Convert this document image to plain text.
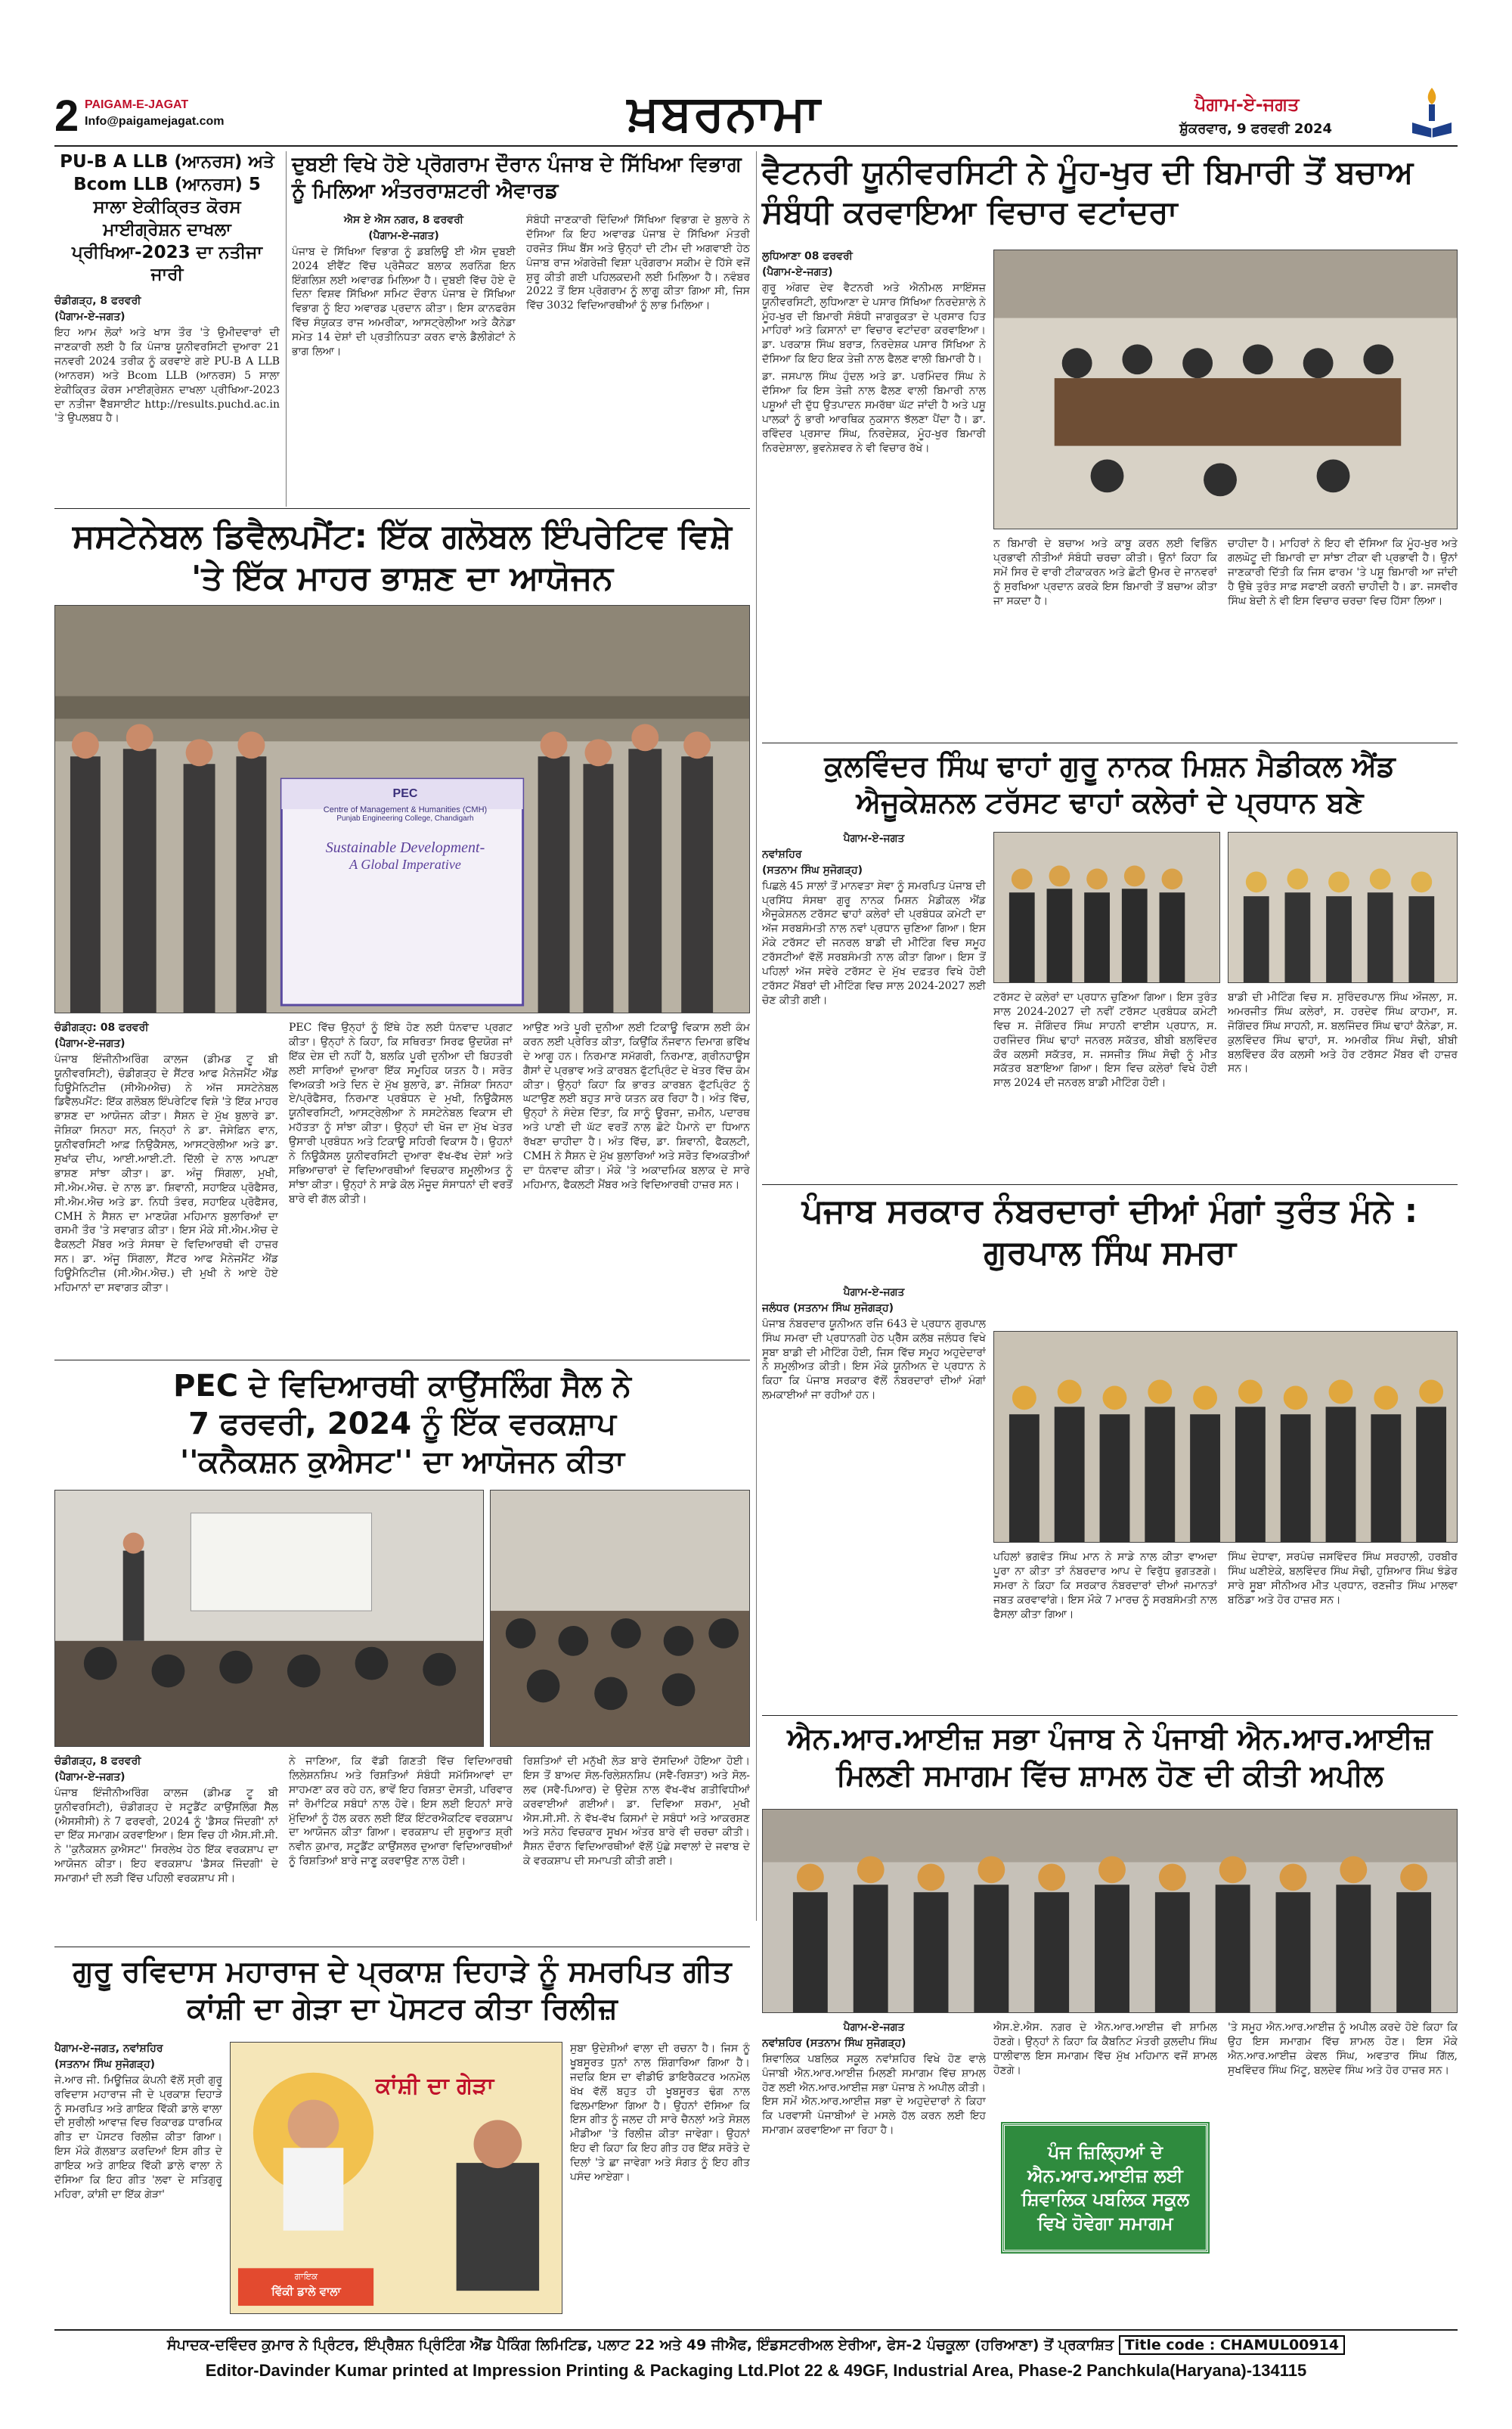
2 PAIGAM-E-JAGAT
Info@paigamejagat.com	ਖ਼ਬਰਨਾਮਾ	ਪੈਗਾਮ-ਏ-ਜਗਤ
ਸ਼ੁੱਕਰਵਾਰ, 9 ਫਰਵਰੀ 2024
PU-B A LLB (ਆਨਰਸ) ਅਤੇ Bcom LLB (ਆਨਰਸ) 5 ਸਾਲਾ ਏਕੀਕ੍ਰਿਤ ਕੋਰਸ ਮਾਈਗ੍ਰੇਸ਼ਨ ਦਾਖਲਾ ਪ੍ਰੀਖਿਆ-2023 ਦਾ ਨਤੀਜਾ ਜਾਰੀ
ਚੰਡੀਗੜ੍ਹ, 8 ਫਰਵਰੀ
(ਪੈਗਾਮ-ਏ-ਜਗਤ)

ਇਹ ਆਮ ਲੋਕਾਂ ਅਤੇ ਖਾਸ ਤੌਰ 'ਤੇ ਉਮੀਦਵਾਰਾਂ ਦੀ ਜਾਣਕਾਰੀ ਲਈ ਹੈ ਕਿ ਪੰਜਾਬ ਯੂਨੀਵਰਸਿਟੀ ਦੁਆਰਾ 21 ਜਨਵਰੀ 2024 ਤਰੀਕ ਨੂੰ ਕਰਵਾਏ ਗਏ PU-B A LLB (ਆਨਰਸ) ਅਤੇ Bcom LLB (ਆਨਰਸ) 5 ਸਾਲਾ ਏਕੀਕ੍ਰਿਤ ਕੋਰਸ ਮਾਈਗ੍ਰੇਸ਼ਨ ਦਾਖਲਾ ਪ੍ਰੀਖਿਆ-2023 ਦਾ ਨਤੀਜਾ ਵੈੱਬਸਾਈਟ http://results.puchd.ac.in 'ਤੇ ਉਪਲਬਧ ਹੈ।

ਦੁਬਈ ਵਿਖੇ ਹੋਏ ਪ੍ਰੋਗਰਾਮ ਦੌਰਾਨ ਪੰਜਾਬ ਦੇ ਸਿੱਖਿਆ ਵਿਭਾਗ ਨੂੰ ਮਿਲਿਆ ਅੰਤਰਰਾਸ਼ਟਰੀ ਐਵਾਰਡ
ਐਸ ਏ ਐਸ ਨਗਰ, 8 ਫਰਵਰੀ
(ਪੈਗਾਮ-ਏ-ਜਗਤ)

ਪੰਜਾਬ ਦੇ ਸਿੱਖਿਆ ਵਿਭਾਗ ਨੂੰ ਡਬਲਿਊ ਈ ਐਸ ਦੁਬਈ 2024 ਈਵੈਂਟ ਵਿੱਚ ਪ੍ਰੋਜੈਕਟ ਬਲਾਕ ਲਰਨਿੰਗ ਇਨ ਇੰਗਲਿਸ਼ ਲਈ ਅਵਾਰਡ ਮਿਲਿਆ ਹੈ। ਦੁਬਈ ਵਿੱਚ ਹੋਏ ਦੋ ਦਿਨਾ ਵਿਸ਼ਵ ਸਿੱਖਿਆ ਸਮਿਟ ਦੌਰਾਨ ਪੰਜਾਬ ਦੇ ਸਿੱਖਿਆ ਵਿਭਾਗ ਨੂੰ ਇਹ ਅਵਾਰਡ ਪ੍ਰਦਾਨ ਕੀਤਾ। ਇਸ ਕਾਨਫਰੰਸ ਵਿੱਚ ਸੰਯੁਕਤ ਰਾਜ ਅਮਰੀਕਾ, ਆਸਟ੍ਰੇਲੀਆ ਅਤੇ ਕੈਨੇਡਾ ਸਮੇਤ 14 ਦੇਸ਼ਾਂ ਦੀ ਪ੍ਰਤੀਨਿਧਤਾ ਕਰਨ ਵਾਲੇ ਡੈਲੀਗੇਟਾਂ ਨੇ ਭਾਗ ਲਿਆ।

ਸੰਬੰਧੀ ਜਾਣਕਾਰੀ ਦਿੰਦਿਆਂ ਸਿੱਖਿਆ ਵਿਭਾਗ ਦੇ ਬੁਲਾਰੇ ਨੇ ਦੱਸਿਆ ਕਿ ਇਹ ਅਵਾਰਡ ਪੰਜਾਬ ਦੇ ਸਿੱਖਿਆ ਮੰਤਰੀ ਹਰਜੋਤ ਸਿੰਘ ਬੈਂਸ ਅਤੇ ਉਨ੍ਹਾਂ ਦੀ ਟੀਮ ਦੀ ਅਗਵਾਈ ਹੇਠ ਪੰਜਾਬ ਰਾਜ ਅੰਗਰੇਜ਼ੀ ਵਿਸ਼ਾ ਪ੍ਰੋਗਰਾਮ ਸਕੀਮ ਦੇ ਹਿੱਸੇ ਵਜੋਂ ਸ਼ੁਰੂ ਕੀਤੀ ਗਈ ਪਹਿਲਕਦਮੀ ਲਈ ਮਿਲਿਆ ਹੈ। ਨਵੰਬਰ 2022 ਤੋਂ ਇਸ ਪ੍ਰੋਗਰਾਮ ਨੂੰ ਲਾਗੂ ਕੀਤਾ ਗਿਆ ਸੀ, ਜਿਸ ਵਿੱਚ 3032 ਵਿਦਿਆਰਥੀਆਂ ਨੂੰ ਲਾਭ ਮਿਲਿਆ।

ਸਸਟੇਨੇਬਲ ਡਿਵੈਲਪਮੈਂਟ: ਇੱਕ ਗਲੋਬਲ ਇੰਪਰੇਟਿਵ ਵਿਸ਼ੇ 'ਤੇ ਇੱਕ ਮਾਹਰ ਭਾਸ਼ਣ ਦਾ ਆਯੋਜਨ
PEC
Centre of Management & Humanities (CMH)
Punjab Engineering College, Chandigarh
Sustainable Development-
A Global Imperative
ਚੰਡੀਗੜ੍ਹ: 08 ਫਰਵਰੀ
(ਪੈਗਾਮ-ਏ-ਜਗਤ)

ਪੰਜਾਬ ਇੰਜੀਨੀਅਰਿੰਗ ਕਾਲਜ (ਡੀਮਡ ਟੂ ਬੀ ਯੂਨੀਵਰਸਿਟੀ), ਚੰਡੀਗੜ੍ਹ ਦੇ ਸੈਂਟਰ ਆਫ ਮੈਨੇਜਮੈਂਟ ਐਂਡ ਹਿਊਮੈਨਿਟੀਜ਼ (ਸੀਐਮਐਚ) ਨੇ ਅੱਜ ਸਸਟੇਨੇਬਲ ਡਿਵੈਲਪਮੈਂਟ: ਇੱਕ ਗਲੋਬਲ ਇੰਪਰੇਟਿਵ ਵਿਸ਼ੇ 'ਤੇ ਇੱਕ ਮਾਹਰ ਭਾਸ਼ਣ ਦਾ ਆਯੋਜਨ ਕੀਤਾ। ਸੈਸ਼ਨ ਦੇ ਮੁੱਖ ਬੁਲਾਰੇ ਡਾ. ਜੋਸ਼ਿਕਾ ਸਿਨਹਾ ਸਨ, ਜਿਨ੍ਹਾਂ ਨੇ ਡਾ. ਜੋਸੇਫ਼ਿਨ ਵਾਨ, ਯੂਨੀਵਰਸਿਟੀ ਆਫ਼ ਨਿਉਕੈਸਲ, ਆਸਟ੍ਰੇਲੀਆ ਅਤੇ ਡਾ. ਸੁਖਾਂਕ ਦੀਪ, ਆਈ.ਆਈ.ਟੀ. ਦਿੱਲੀ ਦੇ ਨਾਲ ਆਪਣਾ ਭਾਸ਼ਣ ਸਾਂਝਾ ਕੀਤਾ। ਡਾ. ਅੰਜੂ ਸਿੰਗਲਾ, ਮੁਖੀ, ਸੀ.ਐਮ.ਐਚ. ਦੇ ਨਾਲ ਡਾ. ਸ਼ਿਵਾਨੀ, ਸਹਾਇਕ ਪ੍ਰੋਫੈਸਰ, ਸੀ.ਐਮ.ਐਚ ਅਤੇ ਡਾ. ਨਿਧੀ ਤੰਵਰ, ਸਹਾਇਕ ਪ੍ਰੋਫੈਸਰ, CMH ਨੇ ਸੈਸ਼ਨ ਦਾ ਮਾਣਯੋਗ ਮਹਿਮਾਨ ਬੁਲਾਰਿਆਂ ਦਾ ਰਸਮੀ ਤੌਰ 'ਤੇ ਸਵਾਗਤ ਕੀਤਾ। ਇਸ ਮੌਕੇ ਸੀ.ਐਮ.ਐਚ ਦੇ ਫੈਕਲਟੀ ਮੈਂਬਰ ਅਤੇ ਸੰਸਥਾ ਦੇ ਵਿਦਿਆਰਥੀ ਵੀ ਹਾਜ਼ਰ ਸਨ। ਡਾ. ਅੰਜੂ ਸਿੰਗਲਾ, ਸੈਂਟਰ ਆਫ ਮੈਨੇਜਮੈਂਟ ਐਂਡ ਹਿਊਮੈਨਿਟੀਜ਼ (ਸੀ.ਐਮ.ਐਚ.) ਦੀ ਮੁਖੀ ਨੇ ਆਏ ਹੋਏ ਮਹਿਮਾਨਾਂ ਦਾ ਸਵਾਗਤ ਕੀਤਾ।

PEC ਵਿੱਚ ਉਨ੍ਹਾਂ ਨੂੰ ਇੱਥੇ ਹੋਣ ਲਈ ਧੰਨਵਾਦ ਪ੍ਰਗਟ ਕੀਤਾ। ਉਨ੍ਹਾਂ ਨੇ ਕਿਹਾ, ਕਿ ਸਥਿਰਤਾ ਸਿਰਫ ਉਦਯੋਗ ਜਾਂ ਇੱਕ ਦੇਸ਼ ਦੀ ਨਹੀਂ ਹੈ, ਬਲਕਿ ਪੂਰੀ ਦੁਨੀਆ ਦੀ ਬਿਹਤਰੀ ਲਈ ਸਾਰਿਆਂ ਦੁਆਰਾ ਇੱਕ ਸਮੂਹਿਕ ਯਤਨ ਹੈ। ਸਰੋਤ ਵਿਅਕਤੀ ਅਤੇ ਦਿਨ ਦੇ ਮੁੱਖ ਬੁਲਾਰੇ, ਡਾ. ਜੋਸ਼ਿਕਾ ਸਿਨਹਾ ਏ/ਪ੍ਰੋਫੈਸਰ, ਨਿਰਮਾਣ ਪ੍ਰਬੰਧਨ ਦੇ ਮੁਖੀ, ਨਿਊਕੈਸਲ ਯੂਨੀਵਰਸਿਟੀ, ਆਸਟ੍ਰੇਲੀਆ ਨੇ ਸਸਟੇਨੇਬਲ ਵਿਕਾਸ ਦੀ ਮਹੱਤਤਾ ਨੂੰ ਸਾਂਝਾ ਕੀਤਾ। ਉਨ੍ਹਾਂ ਦੀ ਖੋਜ ਦਾ ਮੁੱਖ ਖੇਤਰ ਉਸਾਰੀ ਪ੍ਰਬੰਧਨ ਅਤੇ ਟਿਕਾਊ ਸਹਿਰੀ ਵਿਕਾਸ ਹੈ। ਉਹਨਾਂ ਨੇ ਨਿਊਕੈਸਲ ਯੂਨੀਵਰਸਿਟੀ ਦੁਆਰਾ ਵੱਖ-ਵੱਖ ਦੇਸ਼ਾਂ ਅਤੇ ਸਭਿਆਚਾਰਾਂ ਦੇ ਵਿਦਿਆਰਥੀਆਂ ਵਿਚਕਾਰ ਸ਼ਮੂਲੀਅਤ ਨੂੰ ਸਾਂਝਾ ਕੀਤਾ। ਉਨ੍ਹਾਂ ਨੇ ਸਾਡੇ ਕੋਲ ਮੌਜੂਦ ਸੰਸਾਧਨਾਂ ਦੀ ਵਰਤੋਂ ਬਾਰੇ ਵੀ ਗੱਲ ਕੀਤੀ।

ਆਉਣ ਅਤੇ ਪੂਰੀ ਦੁਨੀਆ ਲਈ ਟਿਕਾਊ ਵਿਕਾਸ ਲਈ ਕੰਮ ਕਰਨ ਲਈ ਪ੍ਰੇਰਿਤ ਕੀਤਾ, ਕਿਉਂਕਿ ਨੌਜਵਾਨ ਦਿਮਾਗ ਭਵਿੱਖ ਦੇ ਆਗੂ ਹਨ। ਨਿਰਮਾਣ ਸਮੱਗਰੀ, ਨਿਰਮਾਣ, ਗ੍ਰੀਨਹਾਊਸ ਗੈਸਾਂ ਦੇ ਪ੍ਰਭਾਵ ਅਤੇ ਕਾਰਬਨ ਫੁੱਟਪ੍ਰਿੰਟ ਦੇ ਖੇਤਰ ਵਿੱਚ ਕੰਮ ਕੀਤਾ। ਉਨ੍ਹਾਂ ਕਿਹਾ ਕਿ ਭਾਰਤ ਕਾਰਬਨ ਫੁੱਟਪ੍ਰਿੰਟ ਨੂੰ ਘਟਾਉਣ ਲਈ ਬਹੁਤ ਸਾਰੇ ਯਤਨ ਕਰ ਰਿਹਾ ਹੈ। ਅੰਤ ਵਿੱਚ, ਉਨ੍ਹਾਂ ਨੇ ਸੰਦੇਸ਼ ਦਿੱਤਾ, ਕਿ ਸਾਨੂੰ ਊਰਜਾ, ਜ਼ਮੀਨ, ਪਦਾਰਥ ਅਤੇ ਪਾਣੀ ਦੀ ਘੱਟ ਵਰਤੋਂ ਨਾਲ ਛੋਟੇ ਪੈਮਾਨੇ ਦਾ ਧਿਆਨ ਰੱਖਣਾ ਚਾਹੀਦਾ ਹੈ। ਅੰਤ ਵਿੱਚ, ਡਾ. ਸ਼ਿਵਾਨੀ, ਫੈਕਲਟੀ, CMH ਨੇ ਸੈਸ਼ਨ ਦੇ ਮੁੱਖ ਬੁਲਾਰਿਆਂ ਅਤੇ ਸਰੋਤ ਵਿਅਕਤੀਆਂ ਦਾ ਧੰਨਵਾਦ ਕੀਤਾ। ਮੌਕੇ 'ਤੇ ਅਕਾਦਮਿਕ ਬਲਾਕ ਦੇ ਸਾਰੇ ਮਹਿਮਾਨ, ਫੈਕਲਟੀ ਮੈਂਬਰ ਅਤੇ ਵਿਦਿਆਰਥੀ ਹਾਜ਼ਰ ਸਨ।

PEC ਦੇ ਵਿਦਿਆਰਥੀ ਕਾਉਂਸਲਿੰਗ ਸੈਲ ਨੇ
7 ਫਰਵਰੀ, 2024 ਨੂੰ ਇੱਕ ਵਰਕਸ਼ਾਪ
''ਕਨੈਕਸ਼ਨ ਕੁਐਸਟ'' ਦਾ ਆਯੋਜਨ ਕੀਤਾ
ਚੰਡੀਗੜ੍ਹ, 8 ਫਰਵਰੀ
(ਪੈਗਾਮ-ਏ-ਜਗਤ)

ਪੰਜਾਬ ਇੰਜੀਨੀਅਰਿੰਗ ਕਾਲਜ (ਡੀਮਡ ਟੂ ਬੀ ਯੂਨੀਵਰਸਿਟੀ), ਚੰਡੀਗੜ੍ਹ ਦੇ ਸਟੂਡੈਂਟ ਕਾਉਂਸਲਿੰਗ ਸੈੱਲ (ਐਸਸੀਸੀ) ਨੇ 7 ਫਰਵਰੀ, 2024 ਨੂੰ 'ਡੈਸਕ ਜਿੰਦਗੀ' ਨਾਂ ਦਾ ਇੱਕ ਸਮਾਗਮ ਕਰਵਾਇਆ। ਇਸ ਵਿਚ ਹੀ ਐਸ.ਸੀ.ਸੀ. ਨੇ ''ਕੁਨੈਕਸ਼ਨ ਕੁਐਸਟ'' ਸਿਰਲੇਖ ਹੇਠ ਇੱਕ ਵਰਕਸ਼ਾਪ ਦਾ ਆਯੋਜਨ ਕੀਤਾ। ਇਹ ਵਰਕਸ਼ਾਪ 'ਡੈਸਕ ਜਿੰਦਗੀ' ਦੇ ਸਮਾਗਮਾਂ ਦੀ ਲੜੀ ਵਿੱਚ ਪਹਿਲੀ ਵਰਕਸ਼ਾਪ ਸੀ।

ਨੇ ਜਾਣਿਆ, ਕਿ ਵੱਡੀ ਗਿਣਤੀ ਵਿੱਚ ਵਿਦਿਆਰਥੀ ਲਿਲੇਸ਼ਨਸ਼ਿਪ ਅਤੇ ਰਿਸ਼ਤਿਆਂ ਸੰਬੰਧੀ ਸਮੱਸਿਆਵਾਂ ਦਾ ਸਾਹਮਣਾ ਕਰ ਰਹੇ ਹਨ, ਭਾਵੇਂ ਇਹ ਰਿਸ਼ਤਾ ਦੋਸਤੀ, ਪਰਿਵਾਰ ਜਾਂ ਰੋਮਾਂਟਿਕ ਸਬੰਧਾਂ ਨਾਲ ਹੋਵੇ। ਇਸ ਲਈ ਇਹਨਾਂ ਸਾਰੇ ਮੁੱਦਿਆਂ ਨੂੰ ਹੱਲ ਕਰਨ ਲਈ ਇੱਕ ਇੰਟਰਐਕਟਿਵ ਵਰਕਸ਼ਾਪ ਦਾ ਆਯੋਜਨ ਕੀਤਾ ਗਿਆ। ਵਰਕਸ਼ਾਪ ਦੀ ਸ਼ੁਰੂਆਤ ਸ਼੍ਰੀ ਨਵੀਨ ਕੁਮਾਰ, ਸਟੂਡੈਂਟ ਕਾਉਂਸਲਰ ਦੁਆਰਾ ਵਿਦਿਆਰਥੀਆਂ ਨੂੰ ਰਿਸ਼ਤਿਆਂ ਬਾਰੇ ਜਾਣੂ ਕਰਵਾਉਣ ਨਾਲ ਹੋਈ।

ਰਿਸ਼ਤਿਆਂ ਦੀ ਮਨੁੱਖੀ ਲੋੜ ਬਾਰੇ ਦੱਸਦਿਆਂ ਹੋਇਆ ਹੋਈ। ਇਸ ਤੋਂ ਬਾਅਦ ਸੋਲ-ਰਿਲੇਸ਼ਨਸ਼ਿਪ (ਸਵੈ-ਰਿਸ਼ਤਾ) ਅਤੇ ਸੋਲ-ਲਵ (ਸਵੈ-ਪਿਆਰ) ਦੇ ਉਦੇਸ਼ ਨਾਲ ਵੱਖ-ਵੱਖ ਗਤੀਵਿਧੀਆਂ ਕਰਵਾਈਆਂ ਗਈਆਂ। ਡਾ. ਦਿਵਿਆ ਸ਼ਰਮਾ, ਮੁਖੀ ਐਸ.ਸੀ.ਸੀ. ਨੇ ਵੱਖ-ਵੱਖ ਕਿਸਮਾਂ ਦੇ ਸਬੰਧਾਂ ਅਤੇ ਆਕਰਸ਼ਣ ਅਤੇ ਸਨੇਹ ਵਿਚਕਾਰ ਸੂਖਮ ਅੰਤਰ ਬਾਰੇ ਵੀ ਚਰਚਾ ਕੀਤੀ। ਸੈਸ਼ਨ ਦੌਰਾਨ ਵਿਦਿਆਰਥੀਆਂ ਵੱਲੋਂ ਪੁੱਛੇ ਸਵਾਲਾਂ ਦੇ ਜਵਾਬ ਦੇ ਕੇ ਵਰਕਸ਼ਾਪ ਦੀ ਸਮਾਪਤੀ ਕੀਤੀ ਗਈ।

ਗੁਰੂ ਰਵਿਦਾਸ ਮਹਾਰਾਜ ਦੇ ਪ੍ਰਕਾਸ਼ ਦਿਹਾੜੇ ਨੂੰ ਸਮਰਪਿਤ ਗੀਤ ਕਾਂਸ਼ੀ ਦਾ ਗੇੜਾ ਦਾ ਪੋਸਟਰ ਕੀਤਾ ਰਿਲੀਜ਼
ਪੈਗਾਮ-ਏ-ਜਗਤ, ਨਵਾਂਸ਼ਹਿਰ
(ਸਤਨਾਮ ਸਿੰਘ ਸੁਜੋਗੜ੍ਹ)

ਜੇ.ਆਰ ਜੀ. ਮਿਊਜ਼ਿਕ ਕੰਪਨੀ ਵੱਲੋਂ ਸ੍ਰੀ ਗੁਰੂ ਰਵਿਦਾਸ ਮਹਾਰਾਜ ਜੀ ਦੇ ਪ੍ਰਕਾਸ਼ ਦਿਹਾੜੇ ਨੂੰ ਸਮਰਪਿਤ ਅਤੇ ਗਾਇਕ ਵਿੱਕੀ ਡਾਲੇ ਵਾਲਾ ਦੀ ਸੁਰੀਲੀ ਆਵਾਜ਼ ਵਿਚ ਰਿਕਾਰਡ ਧਾਰਮਿਕ ਗੀਤ ਦਾ ਪੋਸਟਰ ਰਿਲੀਜ਼ ਕੀਤਾ ਗਿਆ। ਇਸ ਮੌਕੇ ਗੱਲਬਾਤ ਕਰਦਿਆਂ ਇਸ ਗੀਤ ਦੇ ਗਾਇਕ ਅਤੇ ਗਾਇਕ ਵਿੱਕੀ ਡਾਲੇ ਵਾਲਾ ਨੇ ਦੱਸਿਆ ਕਿ ਇਹ ਗੀਤ 'ਲਵਾ ਦੇ ਸਤਿਗੁਰੂ ਮਹਿਰਾ, ਕਾਂਸ਼ੀ ਦਾ ਇੱਕ ਗੇੜਾ'

ਕਾਂਸ਼ੀ ਦਾ ਗੇੜਾ
ਗਾਇਕ
ਵਿੱਕੀ ਡਾਲੇ ਵਾਲਾ

ਸੁਬਾ ਉਦੇਸ਼ੀਆਂ ਵਾਲਾ ਦੀ ਰਚਨਾ ਹੈ। ਜਿਸ ਨੂੰ ਖੂਬਸੂਰਤ ਧੁਨਾਂ ਨਾਲ ਸ਼ਿੰਗਾਰਿਆ ਗਿਆ ਹੈ। ਜਦਕਿ ਇਸ ਦਾ ਵੀਡੀਓ ਡਾਇਰੈਕਟਰ ਅਨਮੋਲ ਖੱਖ ਵੱਲੋਂ ਬਹੁਤ ਹੀ ਖੂਬਸੂਰਤ ਢੰਗ ਨਾਲ ਫਿਲਮਾਇਆ ਗਿਆ ਹੈ। ਉਹਨਾਂ ਦੱਸਿਆ ਕਿ ਇਸ ਗੀਤ ਨੂੰ ਜਲਦ ਹੀ ਸਾਰੇ ਚੈਨਲਾਂ ਅਤੇ ਸੋਸ਼ਲ ਮੀਡੀਆ 'ਤੇ ਰਿਲੀਜ਼ ਕੀਤਾ ਜਾਵੇਗਾ। ਉਹਨਾਂ ਇਹ ਵੀ ਕਿਹਾ ਕਿ ਇਹ ਗੀਤ ਹਰ ਇੱਕ ਸਰੋਤੇ ਦੇ ਦਿਲਾਂ 'ਤੇ ਛਾ ਜਾਵੇਗਾ ਅਤੇ ਸੰਗਤ ਨੂੰ ਇਹ ਗੀਤ ਪਸੰਦ ਆਏਗਾ।

ਵੈਟਨਰੀ ਯੂਨੀਵਰਸਿਟੀ ਨੇ ਮੂੰਹ-ਖੁਰ ਦੀ ਬਿਮਾਰੀ ਤੋਂ ਬਚਾਅ ਸੰਬੰਧੀ ਕਰਵਾਇਆ ਵਿਚਾਰ ਵਟਾਂਦਰਾ
ਲੁਧਿਆਣਾ 08 ਫਰਵਰੀ
(ਪੈਗਾਮ-ਏ-ਜਗਤ)

ਗੁਰੂ ਅੰਗਦ ਦੇਵ ਵੈਟਨਰੀ ਅਤੇ ਐਨੀਮਲ ਸਾਇੰਸਜ਼ ਯੂਨੀਵਰਸਿਟੀ, ਲੁਧਿਆਣਾ ਦੇ ਪਸਾਰ ਸਿੱਖਿਆ ਨਿਰਦੇਸ਼ਾਲੇ ਨੇ ਮੂੰਹ-ਖੁਰ ਦੀ ਬਿਮਾਰੀ ਸੰਬੰਧੀ ਜਾਗਰੂਕਤਾ ਦੇ ਪ੍ਰਸਾਰ ਹਿਤ ਮਾਹਿਰਾਂ ਅਤੇ ਕਿਸਾਨਾਂ ਦਾ ਵਿਚਾਰ ਵਟਾਂਦਰਾ ਕਰਵਾਇਆ। ਡਾ. ਪਰਕਾਸ਼ ਸਿੰਘ ਬਰਾੜ, ਨਿਰਦੇਸ਼ਕ ਪਸਾਰ ਸਿੱਖਿਆ ਨੇ ਦੱਸਿਆ ਕਿ ਇਹ ਇਕ ਤੇਜ਼ੀ ਨਾਲ ਫੈਲਣ ਵਾਲੀ ਬਿਮਾਰੀ ਹੈ।

ਡਾ. ਜਸਪਾਲ ਸਿੰਘ ਹੁੰਦਲ ਅਤੇ ਡਾ. ਪਰਮਿੰਦਰ ਸਿੰਘ ਨੇ ਦੱਸਿਆ ਕਿ ਇਸ ਤੇਜ਼ੀ ਨਾਲ ਫੈਲਣ ਵਾਲੀ ਬਿਮਾਰੀ ਨਾਲ ਪਸ਼ੂਆਂ ਦੀ ਦੁੱਧ ਉਤਪਾਦਨ ਸਮਰੱਥਾ ਘੱਟ ਜਾਂਦੀ ਹੈ ਅਤੇ ਪਸ਼ੂ ਪਾਲਕਾਂ ਨੂੰ ਭਾਰੀ ਆਰਥਿਕ ਨੁਕਸਾਨ ਝੱਲਣਾ ਪੈਂਦਾ ਹੈ। ਡਾ. ਰਵਿੰਦਰ ਪ੍ਰਸਾਦ ਸਿੰਘ, ਨਿਰਦੇਸ਼ਕ, ਮੂੰਹ-ਖੁਰ ਬਿਮਾਰੀ ਨਿਰਦੇਸ਼ਾਲਾ, ਭੁਵਨੇਸ਼ਵਰ ਨੇ ਵੀ ਵਿਚਾਰ ਰੱਖੇ।

ਨ ਬਿਮਾਰੀ ਦੇ ਬਚਾਅ ਅਤੇ ਕਾਬੂ ਕਰਨ ਲਈ ਵਿਭਿੰਨ ਪ੍ਰਭਾਵੀ ਨੀਤੀਆਂ ਸੰਬੰਧੀ ਚਰਚਾ ਕੀਤੀ। ਉਨਾਂ ਕਿਹਾ ਕਿ ਸਮੇਂ ਸਿਰ ਦੋ ਵਾਰੀ ਟੀਕਾਕਰਨ ਅਤੇ ਛੋਟੀ ਉਮਰ ਦੇ ਜਾਨਵਰਾਂ ਨੂੰ ਸੁਰਖਿਆ ਪ੍ਰਦਾਨ ਕਰਕੇ ਇਸ ਬਿਮਾਰੀ ਤੋਂ ਬਚਾਅ ਕੀਤਾ ਜਾ ਸਕਦਾ ਹੈ।

ਚਾਹੀਦਾ ਹੈ। ਮਾਹਿਰਾਂ ਨੇ ਇਹ ਵੀ ਦੱਸਿਆ ਕਿ ਮੂੰਹ-ਖੁਰ ਅਤੇ ਗਲਘੋਟੂ ਦੀ ਬਿਮਾਰੀ ਦਾ ਸਾਂਝਾ ਟੀਕਾ ਵੀ ਪ੍ਰਭਾਵੀ ਹੈ। ਉਨਾਂ ਜਾਣਕਾਰੀ ਦਿੱਤੀ ਕਿ ਜਿਸ ਫਾਰਮ 'ਤੇ ਪਸ਼ੂ ਬਿਮਾਰੀ ਆ ਜਾਂਦੀ ਹੈ ਉਥੇ ਤੁਰੰਤ ਸਾਫ਼ ਸਫਾਈ ਕਰਨੀ ਚਾਹੀਦੀ ਹੈ। ਡਾ. ਜਸਵੀਰ ਸਿੰਘ ਬੇਦੀ ਨੇ ਵੀ ਇਸ ਵਿਚਾਰ ਚਰਚਾ ਵਿਚ ਹਿੱਸਾ ਲਿਆ।

ਕੁਲਵਿੰਦਰ ਸਿੰਘ ਢਾਹਾਂ ਗੁਰੂ ਨਾਨਕ ਮਿਸ਼ਨ ਮੈਡੀਕਲ ਐਂਡ ਐਜੂਕੇਸ਼ਨਲ ਟਰੱਸਟ ਢਾਹਾਂ ਕਲੇਰਾਂ ਦੇ ਪ੍ਰਧਾਨ ਬਣੇ
ਪੈਗਾਮ-ਏ-ਜਗਤ
ਨਵਾਂਸ਼ਹਿਰ
(ਸਤਨਾਮ ਸਿੰਘ ਸੁਜੋਗੜ੍ਹ)

ਪਿਛਲੇ 45 ਸਾਲਾਂ ਤੋਂ ਮਾਨਵਤਾ ਸੇਵਾ ਨੂੰ ਸਮਰਪਿਤ ਪੰਜਾਬ ਦੀ ਪ੍ਰਸਿੱਧ ਸੰਸਥਾ ਗੁਰੂ ਨਾਨਕ ਮਿਸ਼ਨ ਮੈਡੀਕਲ ਐਂਡ ਐਜੂਕੇਸ਼ਨਲ ਟਰੱਸਟ ਢਾਹਾਂ ਕਲੇਰਾਂ ਦੀ ਪ੍ਰਬੰਧਕ ਕਮੇਟੀ ਦਾ ਅੱਜ ਸਰਬਸੰਮਤੀ ਨਾਲ ਨਵਾਂ ਪ੍ਰਧਾਨ ਚੁਣਿਆ ਗਿਆ। ਇਸ ਮੌਕੇ ਟਰੱਸਟ ਦੀ ਜਨਰਲ ਬਾਡੀ ਦੀ ਮੀਟਿੰਗ ਵਿਚ ਸਮੂਹ ਟਰੱਸਟੀਆਂ ਵੱਲੋਂ ਸਰਬਸੰਮਤੀ ਨਾਲ ਕੀਤਾ ਗਿਆ। ਇਸ ਤੋਂ ਪਹਿਲਾਂ ਅੱਜ ਸਵੇਰੇ ਟਰੱਸਟ ਦੇ ਮੁੱਖ ਦਫ਼ਤਰ ਵਿਖੇ ਹੋਈ ਟਰੱਸਟ ਮੈਂਬਰਾਂ ਦੀ ਮੀਟਿੰਗ ਵਿਚ ਸਾਲ 2024-2027 ਲਈ ਚੋਣ ਕੀਤੀ ਗਈ।	ਟਰੱਸਟ ਦੇ ਕਲੇਰਾਂ ਦਾ ਪ੍ਰਧਾਨ ਚੁਣਿਆ ਗਿਆ। ਇਸ ਤੁਰੰਤ ਸਾਲ 2024-2027 ਦੀ ਨਵੀਂ ਟਰੱਸਟ ਪ੍ਰਬੰਧਕ ਕਮੇਟੀ ਵਿਚ ਸ. ਜੋਗਿੰਦਰ ਸਿੰਘ ਸਾਹਨੀ ਵਾਈਸ ਪ੍ਰਧਾਨ, ਸ. ਹਰਜਿੰਦਰ ਸਿੰਘ ਢਾਹਾਂ ਜਨਰਲ ਸਕੱਤਰ, ਬੀਬੀ ਬਲਵਿੰਦਰ ਕੌਰ ਕਲਸੀ ਸਕੱਤਰ, ਸ. ਜਸਜੀਤ ਸਿੰਘ ਸੋਢੀ ਨੂੰ ਮੀਤ ਸਕੱਤਰ ਬਣਾਇਆ ਗਿਆ। ਇਸ ਵਿਚ ਕਲੇਰਾਂ ਵਿਖੇ ਹੋਈ ਸਾਲ 2024 ਦੀ ਜਨਰਲ ਬਾਡੀ ਮੀਟਿੰਗ ਹੋਈ।

ਬਾਡੀ ਦੀ ਮੀਟਿੰਗ ਵਿਚ ਸ. ਸੁਰਿੰਦਰਪਾਲ ਸਿੰਘ ਔਜਲਾ, ਸ. ਅਮਰਜੀਤ ਸਿੰਘ ਕਲੇਰਾਂ, ਸ. ਹਰਦੇਵ ਸਿੰਘ ਕਾਹਮਾ, ਸ. ਜੋਗਿੰਦਰ ਸਿੰਘ ਸਾਹਨੀ, ਸ. ਬਲਜਿੰਦਰ ਸਿੰਘ ਢਾਹਾਂ ਕੈਨੇਡਾ, ਸ. ਕੁਲਵਿੰਦਰ ਸਿੰਘ ਢਾਹਾਂ, ਸ. ਅਮਰੀਕ ਸਿੰਘ ਸੋਢੀ, ਬੀਬੀ ਬਲਵਿੰਦਰ ਕੌਰ ਕਲਸੀ ਅਤੇ ਹੋਰ ਟਰੱਸਟ ਮੈਂਬਰ ਵੀ ਹਾਜ਼ਰ ਸਨ।

ਪੰਜਾਬ ਸਰਕਾਰ ਨੰਬਰਦਾਰਾਂ ਦੀਆਂ ਮੰਗਾਂ ਤੁਰੰਤ ਮੰਨੇ : ਗੁਰਪਾਲ ਸਿੰਘ ਸਮਰਾ
ਪੈਗਾਮ-ਏ-ਜਗਤ
ਜਲੰਧਰ (ਸਤਨਾਮ ਸਿੰਘ ਸੁਜੋਗੜ੍ਹ)

ਪੰਜਾਬ ਨੰਬਰਦਾਰ ਯੂਨੀਅਨ ਰਜਿ 643 ਦੇ ਪ੍ਰਧਾਨ ਗੁਰਪਾਲ ਸਿੰਘ ਸਮਰਾ ਦੀ ਪ੍ਰਧਾਨਗੀ ਹੇਠ ਪ੍ਰੈੱਸ ਕਲੱਬ ਜਲੰਧਰ ਵਿਖੇ ਸੂਬਾ ਬਾਡੀ ਦੀ ਮੀਟਿੰਗ ਹੋਈ, ਜਿਸ ਵਿੱਚ ਸਮੂਹ ਅਹੁਦੇਦਾਰਾਂ ਨੇ ਸ਼ਮੂਲੀਅਤ ਕੀਤੀ। ਇਸ ਮੌਕੇ ਯੂਨੀਅਨ ਦੇ ਪ੍ਰਧਾਨ ਨੇ ਕਿਹਾ ਕਿ ਪੰਜਾਬ ਸਰਕਾਰ ਵੱਲੋਂ ਨੰਬਰਦਾਰਾਂ ਦੀਆਂ ਮੰਗਾਂ ਲਮਕਾਈਆਂ ਜਾ ਰਹੀਆਂ ਹਨ।

ਪਹਿਲਾਂ ਭਗਵੰਤ ਸਿੰਘ ਮਾਨ ਨੇ ਸਾਡੇ ਨਾਲ ਕੀਤਾ ਵਾਅਦਾ ਪੂਰਾ ਨਾ ਕੀਤਾ ਤਾਂ ਨੰਬਰਦਾਰ ਆਪ ਦੇ ਵਿਰੁੱਧ ਭੁਗਤਣਗੇ। ਸਮਰਾ ਨੇ ਕਿਹਾ ਕਿ ਸਰਕਾਰ ਨੰਬਰਦਾਰਾਂ ਦੀਆਂ ਜਮਾਨਤਾਂ ਜਬਤ ਕਰਵਾਵਾਂਗੇ। ਇਸ ਮੌਕੇ 7 ਮਾਰਚ ਨੂੰ ਸਰਬਸੰਮਤੀ ਨਾਲ ਫੈਸਲਾ ਕੀਤਾ ਗਿਆ।

ਸਿੰਘ ਦੇਧਾਵਾ, ਸਰਪੰਚ ਜਸਵਿੰਦਰ ਸਿੰਘ ਸਰਹਾਲੀ, ਹਰਬੀਰ ਸਿੰਘ ਘਣੀਏਕੇ, ਬਲਵਿੰਦਰ ਸਿੰਘ ਸੋਢੀ, ਹੁਸ਼ਿਆਰ ਸਿੰਘ ਝੰਡੇਰ ਸਾਰੇ ਸੂਬਾ ਸੀਨੀਅਰ ਮੀਤ ਪ੍ਰਧਾਨ, ਰਣਜੀਤ ਸਿੰਘ ਮਾਲਵਾ ਬਠਿੰਡਾ ਅਤੇ ਹੋਰ ਹਾਜ਼ਰ ਸਨ।

ਐਨ.ਆਰ.ਆਈਜ਼ ਸਭਾ ਪੰਜਾਬ ਨੇ ਪੰਜਾਬੀ ਐਨ.ਆਰ.ਆਈਜ਼ ਮਿਲਣੀ ਸਮਾਗਮ ਵਿੱਚ ਸ਼ਾਮਲ ਹੋਣ ਦੀ ਕੀਤੀ ਅਪੀਲ
ਪੈਗਾਮ-ਏ-ਜਗਤ
ਨਵਾਂਸ਼ਹਿਰ (ਸਤਨਾਮ ਸਿੰਘ ਸੁਜੋਗੜ੍ਹ)

ਸ਼ਿਵਾਲਿਕ ਪਬਲਿਕ ਸਕੂਲ ਨਵਾਂਸ਼ਹਿਰ ਵਿਖੇ ਹੋਣ ਵਾਲੇ ਪੰਜਾਬੀ ਐਨ.ਆਰ.ਆਈਜ਼ ਮਿਲਣੀ ਸਮਾਗਮ ਵਿੱਚ ਸ਼ਾਮਲ ਹੋਣ ਲਈ ਐਨ.ਆਰ.ਆਈਜ਼ ਸਭਾ ਪੰਜਾਬ ਨੇ ਅਪੀਲ ਕੀਤੀ। ਇਸ ਸਮੇਂ ਐਨ.ਆਰ.ਆਈਜ਼ ਸਭਾ ਦੇ ਅਹੁਦੇਦਾਰਾਂ ਨੇ ਕਿਹਾ ਕਿ ਪਰਵਾਸੀ ਪੰਜਾਬੀਆਂ ਦੇ ਮਸਲੇ ਹੱਲ ਕਰਨ ਲਈ ਇਹ ਸਮਾਗਮ ਕਰਵਾਇਆ ਜਾ ਰਿਹਾ ਹੈ।

ਐਸ.ਏ.ਐਸ. ਨਗਰ ਦੇ ਐਨ.ਆਰ.ਆਈਜ਼ ਵੀ ਸ਼ਾਮਿਲ ਹੋਣਗੇ। ਉਨ੍ਹਾਂ ਨੇ ਕਿਹਾ ਕਿ ਕੈਬਨਿਟ ਮੰਤਰੀ ਕੁਲਦੀਪ ਸਿੰਘ ਧਾਲੀਵਾਲ ਇਸ ਸਮਾਗਮ ਵਿੱਚ ਮੁੱਖ ਮਹਿਮਾਨ ਵਜੋਂ ਸ਼ਾਮਲ ਹੋਣਗੇ।

ਪੰਜ ਜ਼ਿਲ੍ਹਿਆਂ ਦੇ ਐਨ.ਆਰ.ਆਈਜ਼ ਲਈ ਸ਼ਿਵਾਲਿਕ ਪਬਲਿਕ ਸਕੂਲ ਵਿਖੇ ਹੋਵੇਗਾ ਸਮਾਗਮ

'ਤੇ ਸਮੂਹ ਐਨ.ਆਰ.ਆਈਜ਼ ਨੂੰ ਅਪੀਲ ਕਰਦੇ ਹੋਏ ਕਿਹਾ ਕਿ ਉਹ ਇਸ ਸਮਾਗਮ ਵਿੱਚ ਸ਼ਾਮਲ ਹੋਣ। ਇਸ ਮੌਕੇ ਐਨ.ਆਰ.ਆਈਜ਼ ਕੇਵਲ ਸਿੰਘ, ਅਵਤਾਰ ਸਿੰਘ ਗਿੱਲ, ਸੁਖਵਿੰਦਰ ਸਿੰਘ ਮਿੱਟੂ, ਬਲਦੇਵ ਸਿੰਘ ਅਤੇ ਹੋਰ ਹਾਜ਼ਰ ਸਨ।

ਸੰਪਾਦਕ-ਦਵਿੰਦਰ ਕੁਮਾਰ ਨੇ ਪ੍ਰਿੰਟਰ, ਇੰਪ੍ਰੈਸ਼ਨ ਪ੍ਰਿੰਟਿੰਗ ਐਂਡ ਪੈਕਿੰਗ ਲਿਮਿਟਿਡ, ਪਲਾਟ 22 ਅਤੇ 49 ਜੀਐਫ, ਇੰਡਸਟਰੀਅਲ ਏਰੀਆ, ਫੇਸ-2 ਪੰਚਕੂਲਾ (ਹਰਿਆਣਾ) ਤੋਂ ਪ੍ਰਕਾਸ਼ਿਤ Title code : CHAMUL00914
Editor-Davinder Kumar printed at Impression Printing & Packaging Ltd.Plot 22 & 49GF, Industrial Area, Phase-2 Panchkula(Haryana)-134115
